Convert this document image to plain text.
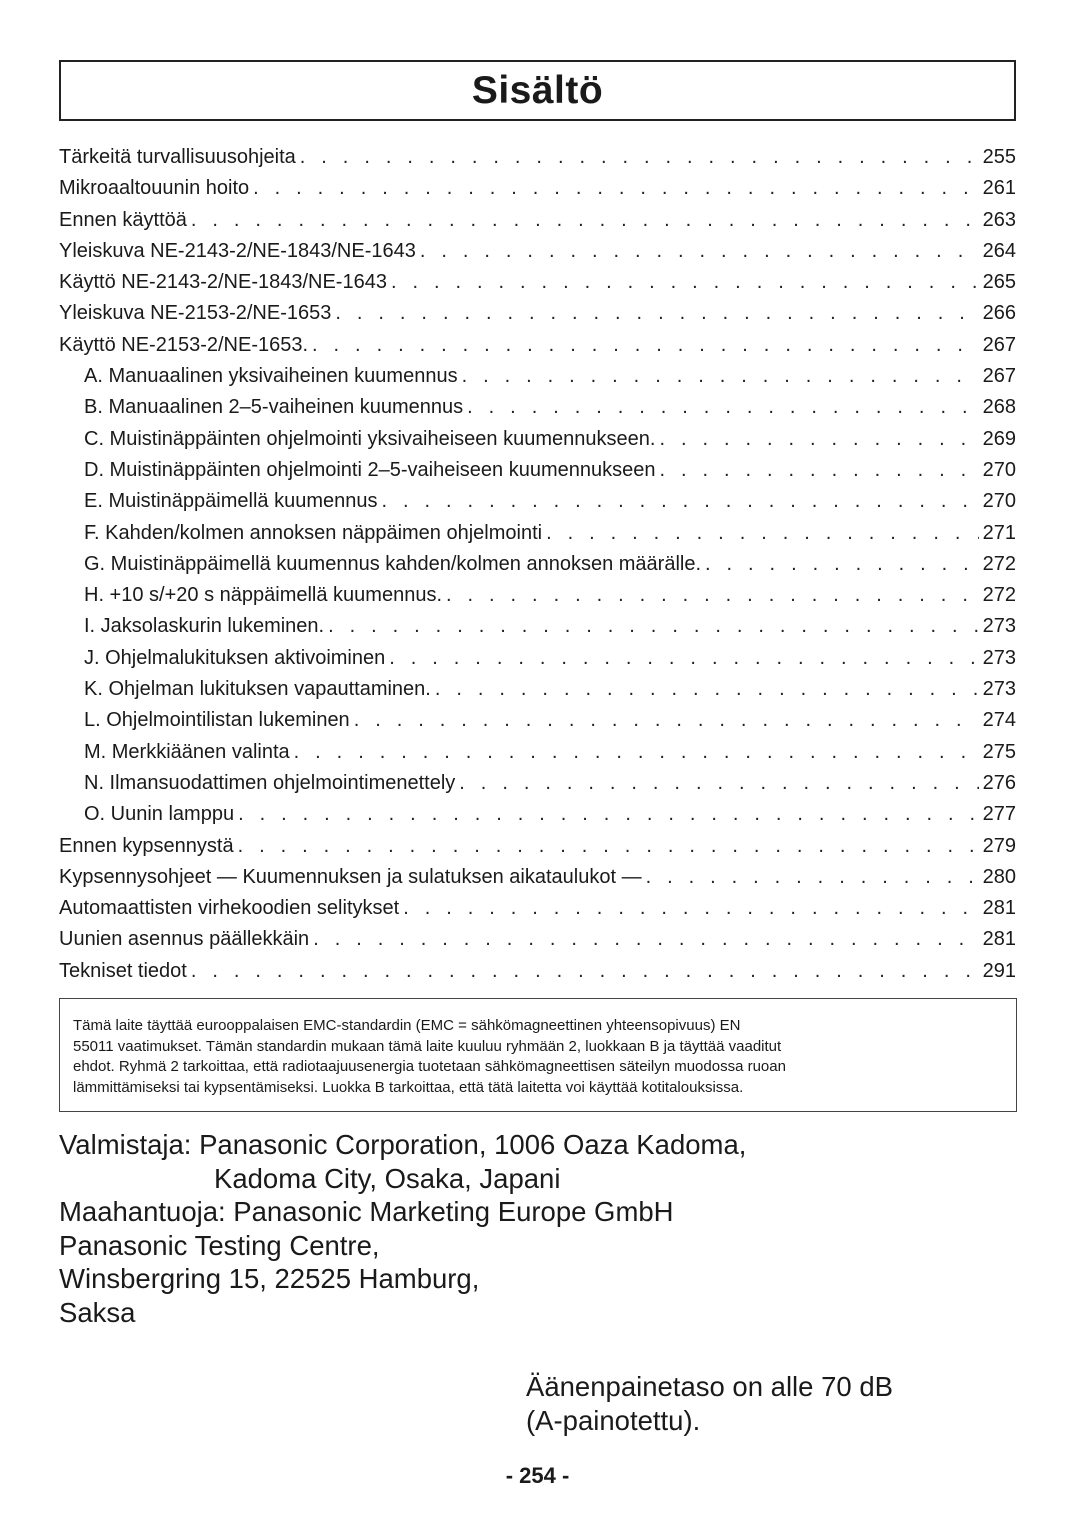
Sisältö
Tärkeitä turvallisuusohjeita . . .	255
Mikroaaltouunin hoito . . .	261
Ennen käyttöä . . .	263
Yleiskuva NE-2143-2/NE-1843/NE-1643 . . .	264
Käyttö NE-2143-2/NE-1843/NE-1643 . . .	265
Yleiskuva NE-2153-2/NE-1653 . . .	266
Käyttö NE-2153-2/NE-1653. . . .	267
A. Manuaalinen yksivaiheinen kuumennus . . .	267
B. Manuaalinen 2–5-vaiheinen kuumennus . . .	268
C. Muistinäppäinten ohjelmointi yksivaiheiseen kuumennukseen. . . .	269
D. Muistinäppäinten ohjelmointi 2–5-vaiheiseen kuumennukseen . . .	270
E. Muistinäppäimellä kuumennus . . .	270
F. Kahden/kolmen annoksen näppäimen ohjelmointi . . .	271
G. Muistinäppäimellä kuumennus kahden/kolmen annoksen määrälle. . . .	272
H. +10 s/+20 s näppäimellä kuumennus. . . .	272
I. Jaksolaskurin lukeminen. . . .	273
J. Ohjelmalukituksen aktivoiminen . . .	273
K. Ohjelman lukituksen vapauttaminen. . . .	273
L. Ohjelmointilistan lukeminen . . .	274
M. Merkkiäänen valinta . . .	275
N. Ilmansuodattimen ohjelmointimenettely . . .	276
O. Uunin lamppu . . .	277
Ennen kypsennystä . . .	279
Kypsennysohjeet — Kuumennuksen ja sulatuksen aikataulukot — . . .	280
Automaattisten virhekoodien selitykset . . .	281
Uunien asennus päällekkäin . . .	281
Tekniset tiedot . . .	291
Tämä laite täyttää eurooppalaisen EMC-standardin (EMC = sähkömagneettinen yhteensopivuus) EN
55011 vaatimukset. Tämän standardin mukaan tämä laite kuuluu ryhmään 2, luokkaan B ja täyttää vaaditut
ehdot. Ryhmä 2 tarkoittaa, että radiotaajuusenergia tuotetaan sähkömagneettisen säteilyn muodossa ruoan
lämmittämiseksi tai kypsentämiseksi. Luokka B tarkoittaa, että tätä laitetta voi käyttää kotitalouksissa.
Valmistaja: Panasonic Corporation, 1006 Oaza Kadoma,
Kadoma City, Osaka, Japani
Maahantuoja: Panasonic Marketing Europe GmbH
Panasonic Testing Centre,
Winsbergring 15, 22525 Hamburg,
Saksa
Äänenpainetaso on alle 70 dB
(A-painotettu).
- 254 -
